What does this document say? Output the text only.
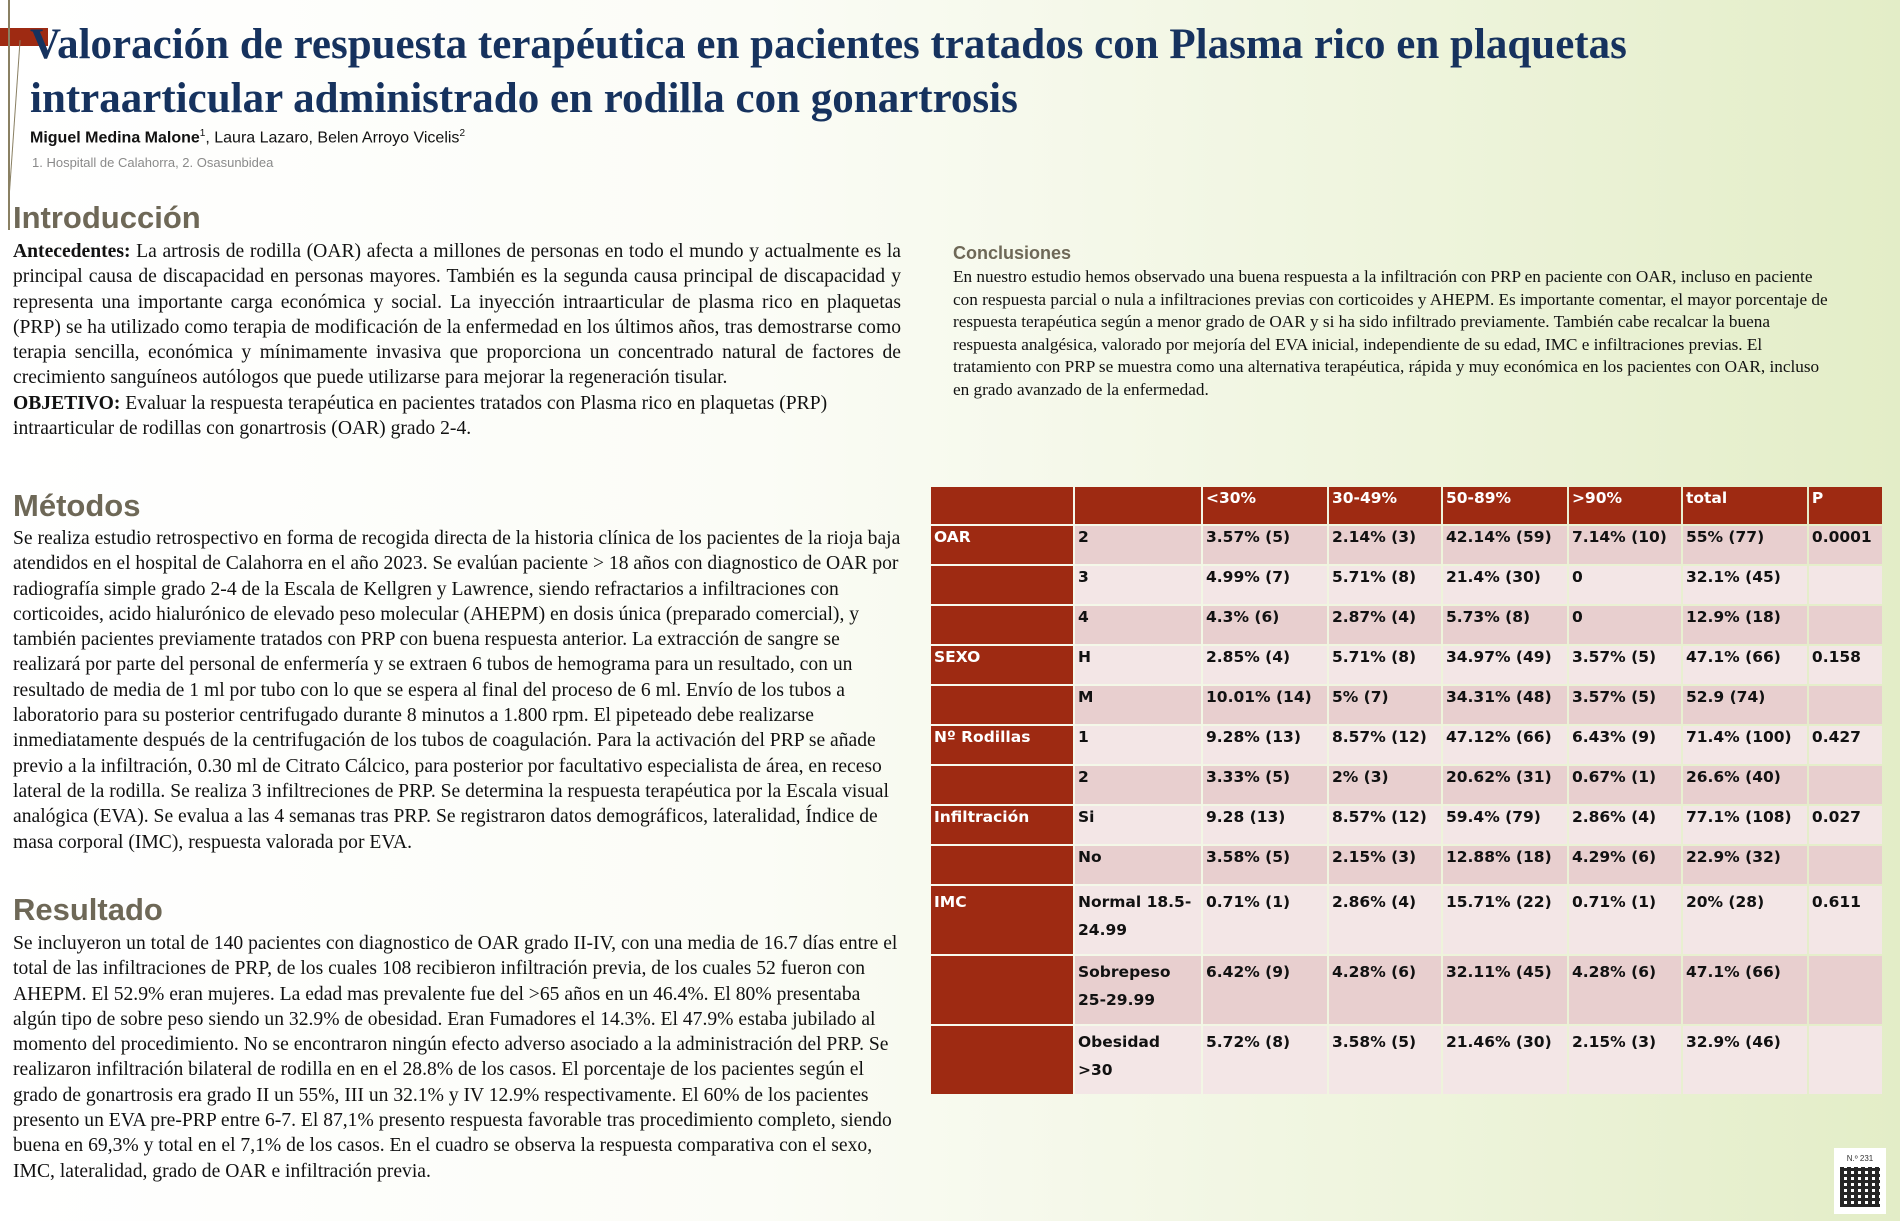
Valoración de respuesta terapéutica en pacientes tratados con Plasma rico en plaquetas intraarticular administrado en rodilla con gonartrosis
Miguel Medina Malone$^1$, Laura Lazaro, Belen Arroyo Vicelis$^2$
1. Hospitall de Calahorra, 2. Osasunbidea
Introducción

Antecedentes: La artrosis de rodilla (OAR) afecta a millones de personas en todo el mundo y actualmente es la principal causa de discapacidad en personas mayores. También es la segunda causa principal de discapacidad y representa una importante carga económica y social. La inyección intraarticular de plasma rico en plaquetas (PRP) se ha utilizado como terapia de modificación de la enfermedad en los últimos años, tras demostrarse como terapia sencilla, económica y mínimamente invasiva que proporciona un concentrado natural de factores de crecimiento sanguíneos autólogos que puede utilizarse para mejorar la regeneración tisular.

OBJETIVO: Evaluar la respuesta terapéutica en pacientes tratados con Plasma rico en plaquetas (PRP) intraarticular de rodillas con gonartrosis (OAR) grado 2-4.

Métodos
Se realiza estudio retrospectivo en forma de recogida directa de la historia clínica de los pacientes de la rioja baja atendidos en el hospital de Calahorra en el año 2023. Se evalúan paciente > 18 años con diagnostico de OAR por radiografía simple grado 2-4 de la Escala de Kellgren y Lawrence, siendo refractarios a infiltraciones con corticoides, acido hialurónico de elevado peso molecular (AHEPM) en dosis única (preparado comercial), y también pacientes previamente tratados con PRP con buena respuesta anterior. La extracción de sangre se realizará por parte del personal de enfermería y se extraen 6 tubos de hemograma para un resultado, con un resultado de media de 1 ml por tubo con lo que se espera al final del proceso de 6 ml. Envío de los tubos a laboratorio para su posterior centrifugado durante 8 minutos a 1.800 rpm. El pipeteado debe realizarse inmediatamente después de la centrifugación de los tubos de coagulación. Para la activación del PRP se añade previo a la infiltración, 0.30 ml de Citrato Cálcico, para posterior por facultativo especialista de área, en receso lateral de la rodilla. Se realiza 3 infiltreciones de PRP. Se determina la respuesta terapéutica por la Escala visual analógica (EVA). Se evalua a las 4 semanas tras PRP. Se registraron datos demográficos, lateralidad, Índice de masa corporal (IMC), respuesta valorada por EVA.
Resultado
Se incluyeron un total de 140 pacientes con diagnostico de OAR grado II-IV, con una media de 16.7 días entre el total de las infiltraciones de PRP, de los cuales 108 recibieron infiltración previa, de los cuales 52 fueron con AHEPM. El 52.9% eran mujeres. La edad mas prevalente fue del >65 años en un 46.4%. El 80% presentaba algún tipo de sobre peso siendo un 32.9% de obesidad. Eran Fumadores el 14.3%. El 47.9% estaba jubilado al momento del procedimiento. No se encontraron ningún efecto adverso asociado a la administración del PRP. Se realizaron infiltración bilateral de rodilla en en el 28.8% de los casos. El porcentaje de los pacientes según el grado de gonartrosis era grado II un 55%, III un 32.1% y IV 12.9% respectivamente. El 60% de los pacientes presento un EVA pre-PRP entre 6-7. El 87,1% presento respuesta favorable tras procedimiento completo, siendo buena en 69,3% y total en el 7,1% de los casos. En el cuadro se observa la respuesta comparativa con el sexo, IMC, lateralidad, grado de OAR e infiltración previa.
Conclusiones
En nuestro estudio hemos observado una buena respuesta a la infiltración con PRP en paciente con OAR, incluso en paciente con respuesta parcial o nula a infiltraciones previas con corticoides y AHEPM. Es importante comentar, el mayor porcentaje de respuesta terapéutica según a menor grado de OAR y si ha sido infiltrado previamente. También cabe recalcar la buena respuesta analgésica, valorado por mejoría del EVA inicial, independiente de su edad, IMC e infiltraciones previas. El tratamiento con PRP se muestra como una alternativa terapéutica, rápida y muy económica en los pacientes con OAR, incluso en grado avanzado de la enfermedad.
		<30%	30-49%	50-89%	>90%	total	P
OAR	2	3.57% (5)	2.14% (3)	42.14% (59)	7.14% (10)	55% (77)	0.0001
	3	4.99% (7)	5.71% (8)	21.4% (30)	0	32.1% (45)	
	4	4.3% (6)	2.87% (4)	5.73% (8)	0	12.9% (18)	
SEXO	H	2.85% (4)	5.71% (8)	34.97% (49)	3.57% (5)	47.1% (66)	0.158
	M	10.01% (14)	5% (7)	34.31% (48)	3.57% (5)	52.9 (74)	
Nº Rodillas	1	9.28% (13)	8.57% (12)	47.12% (66)	6.43% (9)	71.4% (100)	0.427
	2	3.33% (5)	2% (3)	20.62% (31)	0.67% (1)	26.6% (40)	
Infiltración	Si	9.28 (13)	8.57% (12)	59.4% (79)	2.86% (4)	77.1% (108)	0.027
	No	3.58% (5)	2.15% (3)	12.88% (18)	4.29% (6)	22.9% (32)	
IMC	Normal 18.5-24.99	0.71% (1)	2.86% (4)	15.71% (22)	0.71% (1)	20% (28)	0.611
	Sobrepeso 25-29.99	6.42% (9)	4.28% (6)	32.11% (45)	4.28% (6)	47.1% (66)	
	Obesidad >30	5.72% (8)	3.58% (5)	21.46% (30)	2.15% (3)	32.9% (46)	
N.º 231
